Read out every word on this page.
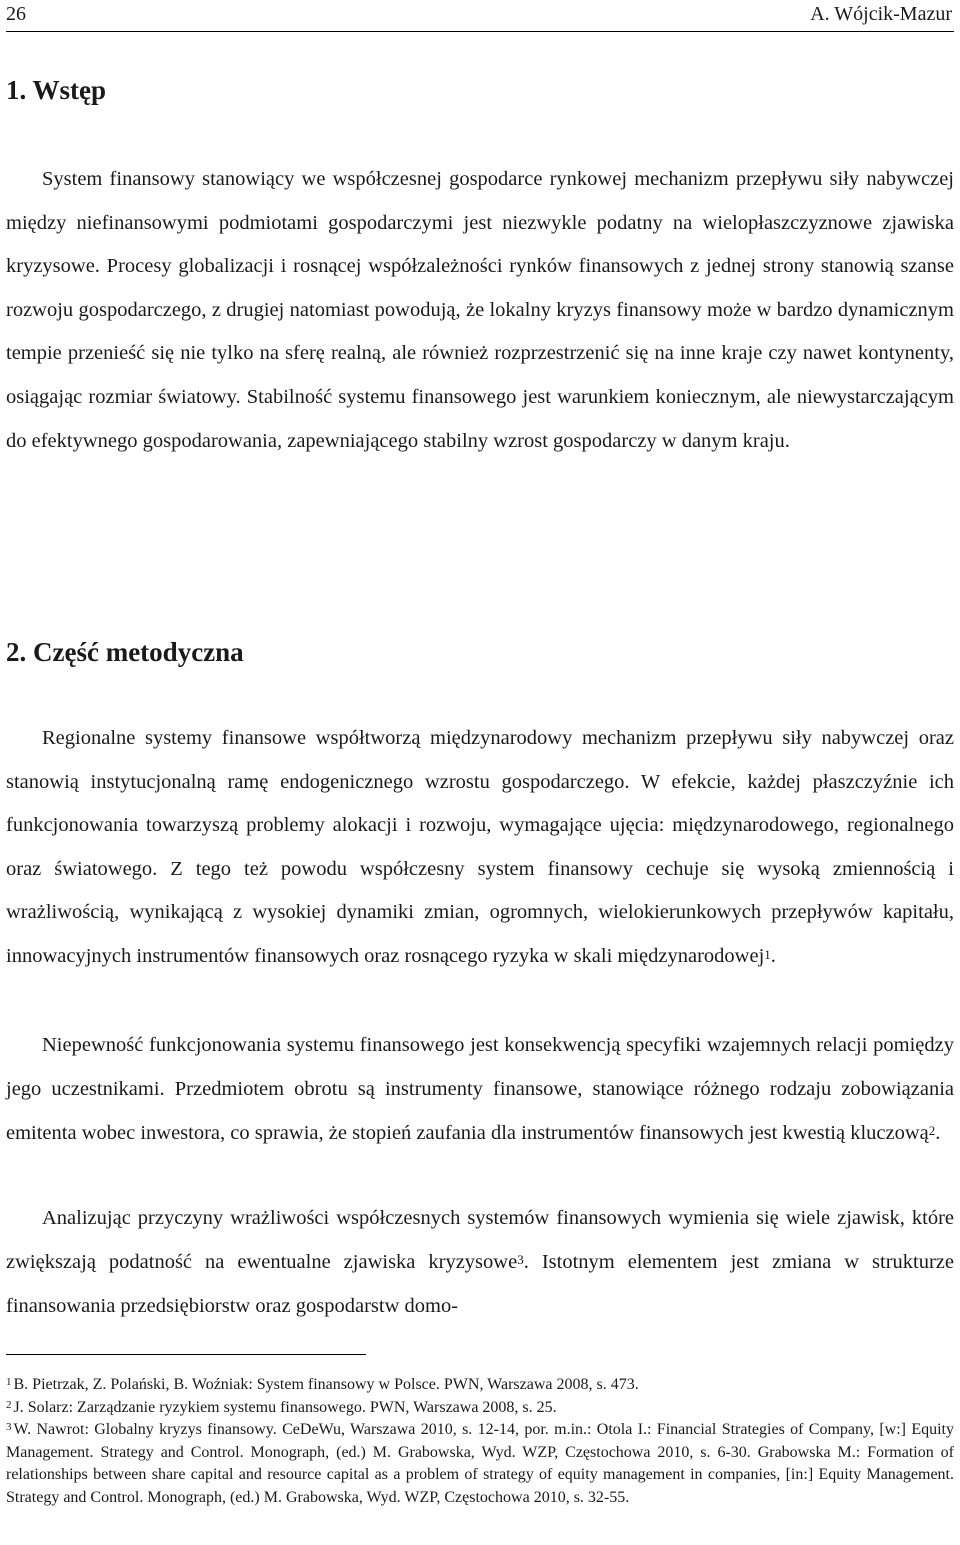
26	A. Wójcik-Mazur
1. Wstęp

System finansowy stanowiący we współczesnej gospodarce rynkowej mechanizm przepływu siły nabywczej między niefinansowymi podmiotami gospodarczymi jest niezwykle podatny na wielopłaszczyznowe zjawiska kryzysowe. Procesy globalizacji i rosnącej współzależności rynków finansowych z jednej strony stanowią szanse rozwoju gospodarczego, z drugiej natomiast powodują, że lokalny kryzys finansowy może w bardzo dynamicznym tempie przenieść się nie tylko na sferę realną, ale również rozprzestrzenić się na inne kraje czy nawet kontynenty, osiągając rozmiar światowy. Stabilność systemu finansowego jest warunkiem koniecznym, ale niewystarczającym do efektywnego gospodarowania, zapewniającego stabilny wzrost gospodarczy w danym kraju.

2. Część metodyczna

Regionalne systemy finansowe współtworzą międzynarodowy mechanizm przepływu siły nabywczej oraz stanowią instytucjonalną ramę endogenicznego wzrostu gospodarczego. W efekcie, każdej płaszczyźnie ich funkcjonowania towarzyszą problemy alokacji i rozwoju, wymagające ujęcia: międzynarodowego, regionalnego oraz światowego. Z tego też powodu współczesny system finansowy cechuje się wysoką zmiennością i wrażliwością, wynikającą z wysokiej dynamiki zmian, ogromnych, wielokierunkowych przepływów kapitału, innowacyjnych instrumentów finansowych oraz rosnącego ryzyka w skali międzynarodowej$^1$.

Niepewność funkcjonowania systemu finansowego jest konsekwencją specyfiki wzajemnych relacji pomiędzy jego uczestnikami. Przedmiotem obrotu są instrumenty finansowe, stanowiące różnego rodzaju zobowiązania emitenta wobec inwestora, co sprawia, że stopień zaufania dla instrumentów finansowych jest kwestią kluczową$^2$.

Analizując przyczyny wrażliwości współczesnych systemów finansowych wymienia się wiele zjawisk, które zwiększają podatność na ewentualne zjawiska kryzysowe$^3$. Istotnym elementem jest zmiana w strukturze finansowania przedsiębiorstw oraz gospodarstw domo-

$^1$ B. Pietrzak, Z. Polański, B. Woźniak: System finansowy w Polsce. PWN, Warszawa 2008, s. 473.

$^2$ J. Solarz: Zarządzanie ryzykiem systemu finansowego. PWN, Warszawa 2008, s. 25.

$^3$ W. Nawrot: Globalny kryzys finansowy. CeDeWu, Warszawa 2010, s. 12-14, por. m.in.: Otola I.: Financial Strategies of Company, [w:] Equity Management. Strategy and Control. Monograph, (ed.) M. Grabowska, Wyd. WZP, Częstochowa 2010, s. 6-30. Grabowska M.: Formation of relationships between share capital and resource capital as a problem of strategy of equity management in companies, [in:] Equity Management. Strategy and Control. Monograph, (ed.) M. Grabowska, Wyd. WZP, Częstochowa 2010, s. 32-55.
